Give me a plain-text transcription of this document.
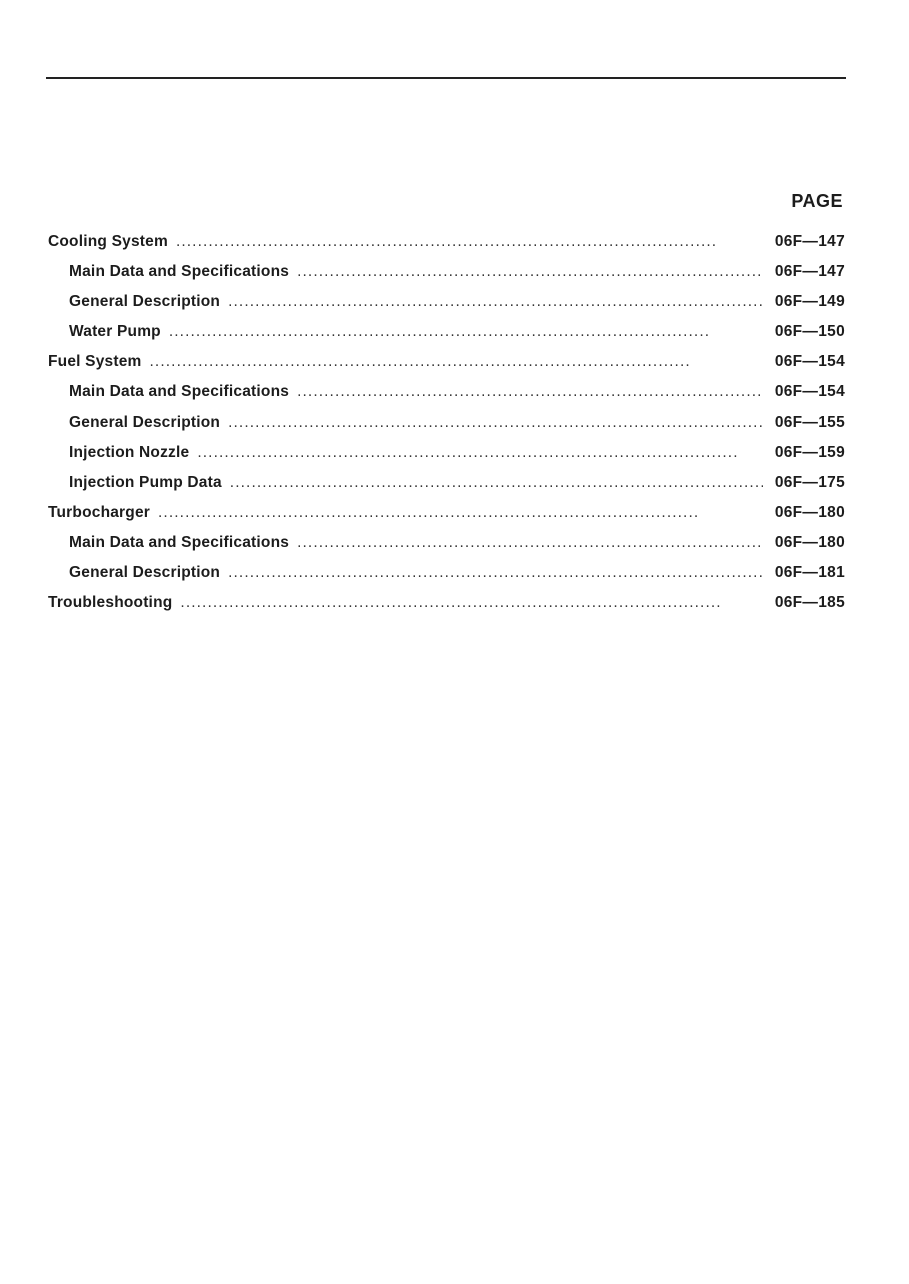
PAGE
Cooling System . . .	06F—147
Main Data and Specifications . . .	06F—147
General Description . . .	06F—149
Water Pump . . .	06F—150
Fuel System . . .	06F—154
Main Data and Specifications . . .	06F—154
General Description . . .	06F—155
Injection Nozzle . . .	06F—159
Injection Pump Data . . .	06F—175
Turbocharger . . .	06F—180
Main Data and Specifications . . .	06F—180
General Description . . .	06F—181
Troubleshooting . . .	06F—185
